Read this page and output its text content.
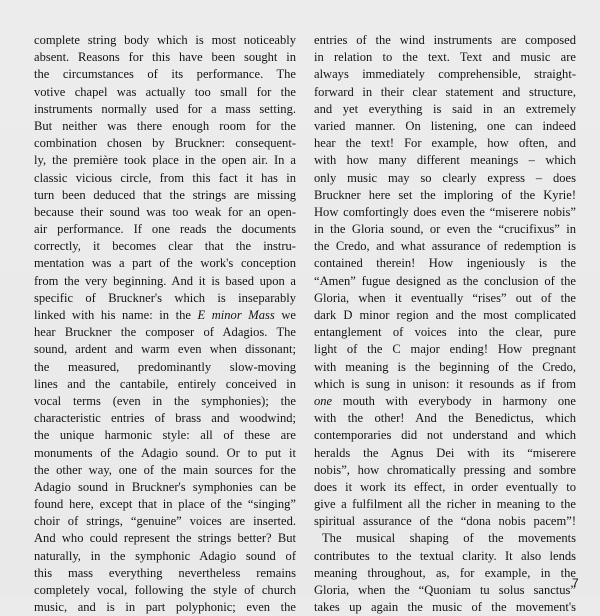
complete string body which is most noticeably
absent. Reasons for this have been sought in
the circumstances of its performance. The
votive chapel was actually too small for the
instruments normally used for a mass setting.
But neither was there enough room for the
combination chosen by Bruckner: consequent-
ly, the première took place in the open air. In a
classic vicious circle, from this fact it has in
turn been deduced that the strings are missing
because their sound was too weak for an open-
air performance. If one reads the documents
correctly, it becomes clear that the instru-
mentation was a part of the work's conception
from the very beginning. And it is based upon a
specific of Bruckner's which is inseparably
linked with his name: in the E minor Mass we
hear Bruckner the composer of Adagios. The
sound, ardent and warm even when dissonant;
the measured, predominantly slow-moving
lines and the cantabile, entirely conceived in
vocal terms (even in the symphonies); the
characteristic entries of brass and woodwind;
the unique harmonic style: all of these are
monuments of the Adagio sound. Or to put it
the other way, one of the main sources for the
Adagio sound in Bruckner's symphonies can be
found here, except that in place of the “singing”
choir of strings, “genuine” voices are inserted.
And who could represent the strings better? But
naturally, in the symphonic Adagio sound of
this mass everything nevertheless remains
completely vocal, following the style of church
music, and is in part polyphonic; even the
entries of the wind instruments are composed
in relation to the text. Text and music are
always immediately comprehensible, straight-
forward in their clear statement and structure,
and yet everything is said in an extremely
varied manner. On listening, one can indeed
hear the text! For example, how often, and
with how many different meanings – which
only music may so clearly express – does
Bruckner here set the imploring of the Kyrie!
How comfortingly does even the “miserere nobis”
in the Gloria sound, or even the “crucifixus” in
the Credo, and what assurance of redemption is
contained therein! How ingeniously is the
“Amen” fugue designed as the conclusion of the
Gloria, when it eventually “rises” out of the
dark D minor region and the most complicated
entanglement of voices into the clear, pure
light of the C major ending! How pregnant
with meaning is the beginning of the Credo,
which is sung in unison: it resounds as if from
one mouth with everybody in harmony one
with the other! And the Benedictus, which
contemporaries did not understand and which
heralds the Agnus Dei with its “miserere
nobis”, how chromatically pressing and sombre
does it work its effect, in order eventually to
give a fulfilment all the richer in meaning to the
spiritual assurance of the “dona nobis pacem”!
The musical shaping of the movements
contributes to the textual clarity. It also lends
meaning throughout, as, for example, in the
Gloria, when the “Quoniam tu solus sanctus”
takes up again the music of the movement's
7
